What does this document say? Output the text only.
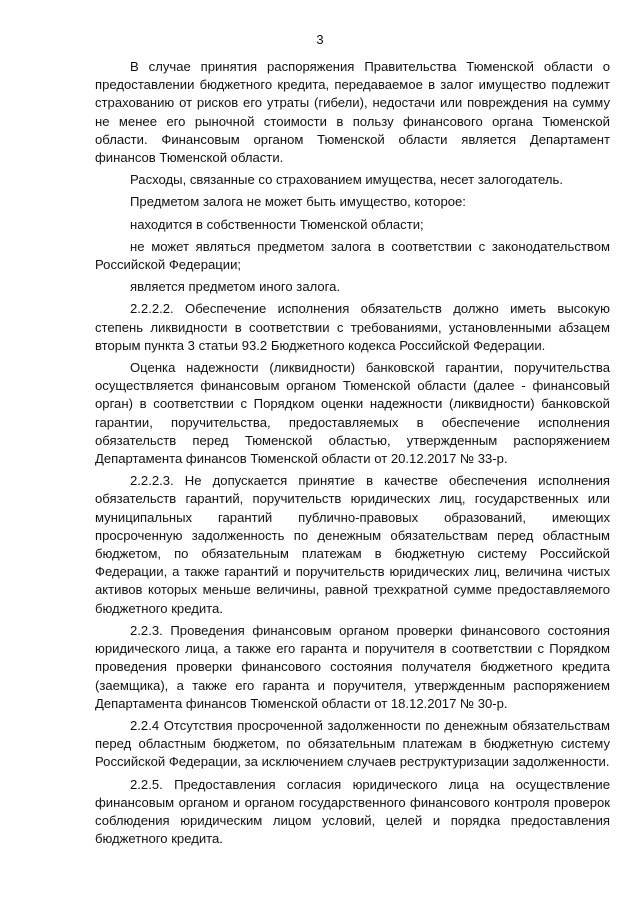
3

В случае принятия распоряжения Правительства Тюменской области о предоставлении бюджетного кредита, передаваемое в залог имущество подлежит страхованию от рисков его утраты (гибели), недостачи или повреждения на сумму не менее его рыночной стоимости в пользу финансового органа Тюменской области. Финансовым органом Тюменской области является Департамент финансов Тюменской области.

Расходы, связанные со страхованием имущества, несет залогодатель.

Предметом залога не может быть имущество, которое:

находится в собственности Тюменской области;

не может являться предметом залога в соответствии с законодательством Российской Федерации;

является предметом иного залога.

2.2.2.2. Обеспечение исполнения обязательств должно иметь высокую степень ликвидности в соответствии с требованиями, установленными абзацем вторым пункта 3 статьи 93.2 Бюджетного кодекса Российской Федерации.

Оценка надежности (ликвидности) банковской гарантии, поручительства осуществляется финансовым органом Тюменской области (далее - финансовый орган) в соответствии с Порядком оценки надежности (ликвидности) банковской гарантии, поручительства, предоставляемых в обеспечение исполнения обязательств перед Тюменской областью, утвержденным распоряжением Департамента финансов Тюменской области от 20.12.2017 № 33-р.

2.2.2.3. Не допускается принятие в качестве обеспечения исполнения обязательств гарантий, поручительств юридических лиц, государственных или муниципальных гарантий публично-правовых образований, имеющих просроченную задолженность по денежным обязательствам перед областным бюджетом, по обязательным платежам в бюджетную систему Российской Федерации, а также гарантий и поручительств юридических лиц, величина чистых активов которых меньше величины, равной трехкратной сумме предоставляемого бюджетного кредита.

2.2.3. Проведения финансовым органом проверки финансового состояния юридического лица, а также его гаранта и поручителя в соответствии с Порядком проведения проверки финансового состояния получателя бюджетного кредита (заемщика), а также его гаранта и поручителя, утвержденным распоряжением Департамента финансов Тюменской области от 18.12.2017 № 30-р.

2.2.4 Отсутствия просроченной задолженности по денежным обязательствам перед областным бюджетом, по обязательным платежам в бюджетную систему Российской Федерации, за исключением случаев реструктуризации задолженности.

2.2.5. Предоставления согласия юридического лица на осуществление финансовым органом и органом государственного финансового контроля проверок соблюдения юридическим лицом условий, целей и порядка предоставления бюджетного кредита.
